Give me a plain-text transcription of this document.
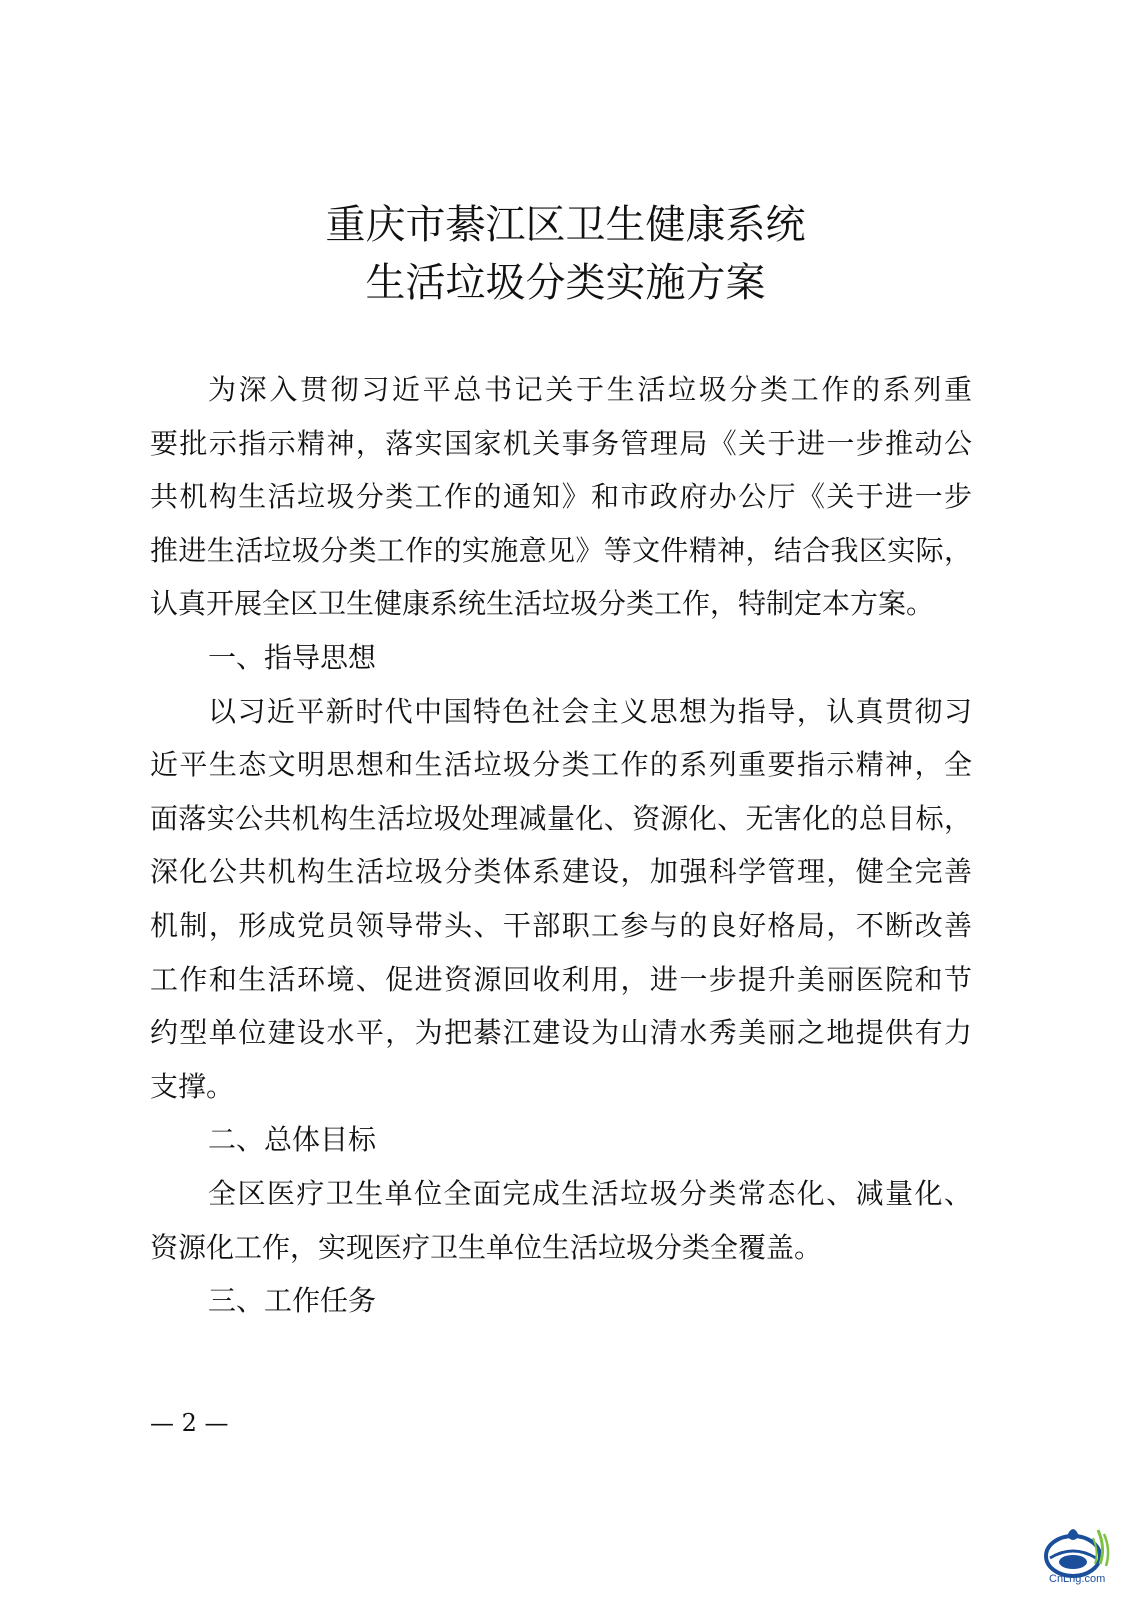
重庆市綦江区卫生健康系统
生活垃圾分类实施方案
为深入贯彻习近平总书记关于生活垃圾分类工作的系列重
要批示指示精神，落实国家机关事务管理局《关于进一步推动公
共机构生活垃圾分类工作的通知》和市政府办公厅《关于进一步
推进生活垃圾分类工作的实施意见》等文件精神，结合我区实际，
认真开展全区卫生健康系统生活垃圾分类工作，特制定本方案。
一、指导思想
以习近平新时代中国特色社会主义思想为指导，认真贯彻习
近平生态文明思想和生活垃圾分类工作的系列重要指示精神，全
面落实公共机构生活垃圾处理减量化、资源化、无害化的总目标，
深化公共机构生活垃圾分类体系建设，加强科学管理，健全完善
机制，形成党员领导带头、干部职工参与的良好格局，不断改善
工作和生活环境、促进资源回收利用，进一步提升美丽医院和节
约型单位建设水平，为把綦江建设为山清水秀美丽之地提供有力
支撑。
二、总体目标
全区医疗卫生单位全面完成生活垃圾分类常态化、减量化、
资源化工作，实现医疗卫生单位生活垃圾分类全覆盖。
三、工作任务
— 2 —
CnLng.com
